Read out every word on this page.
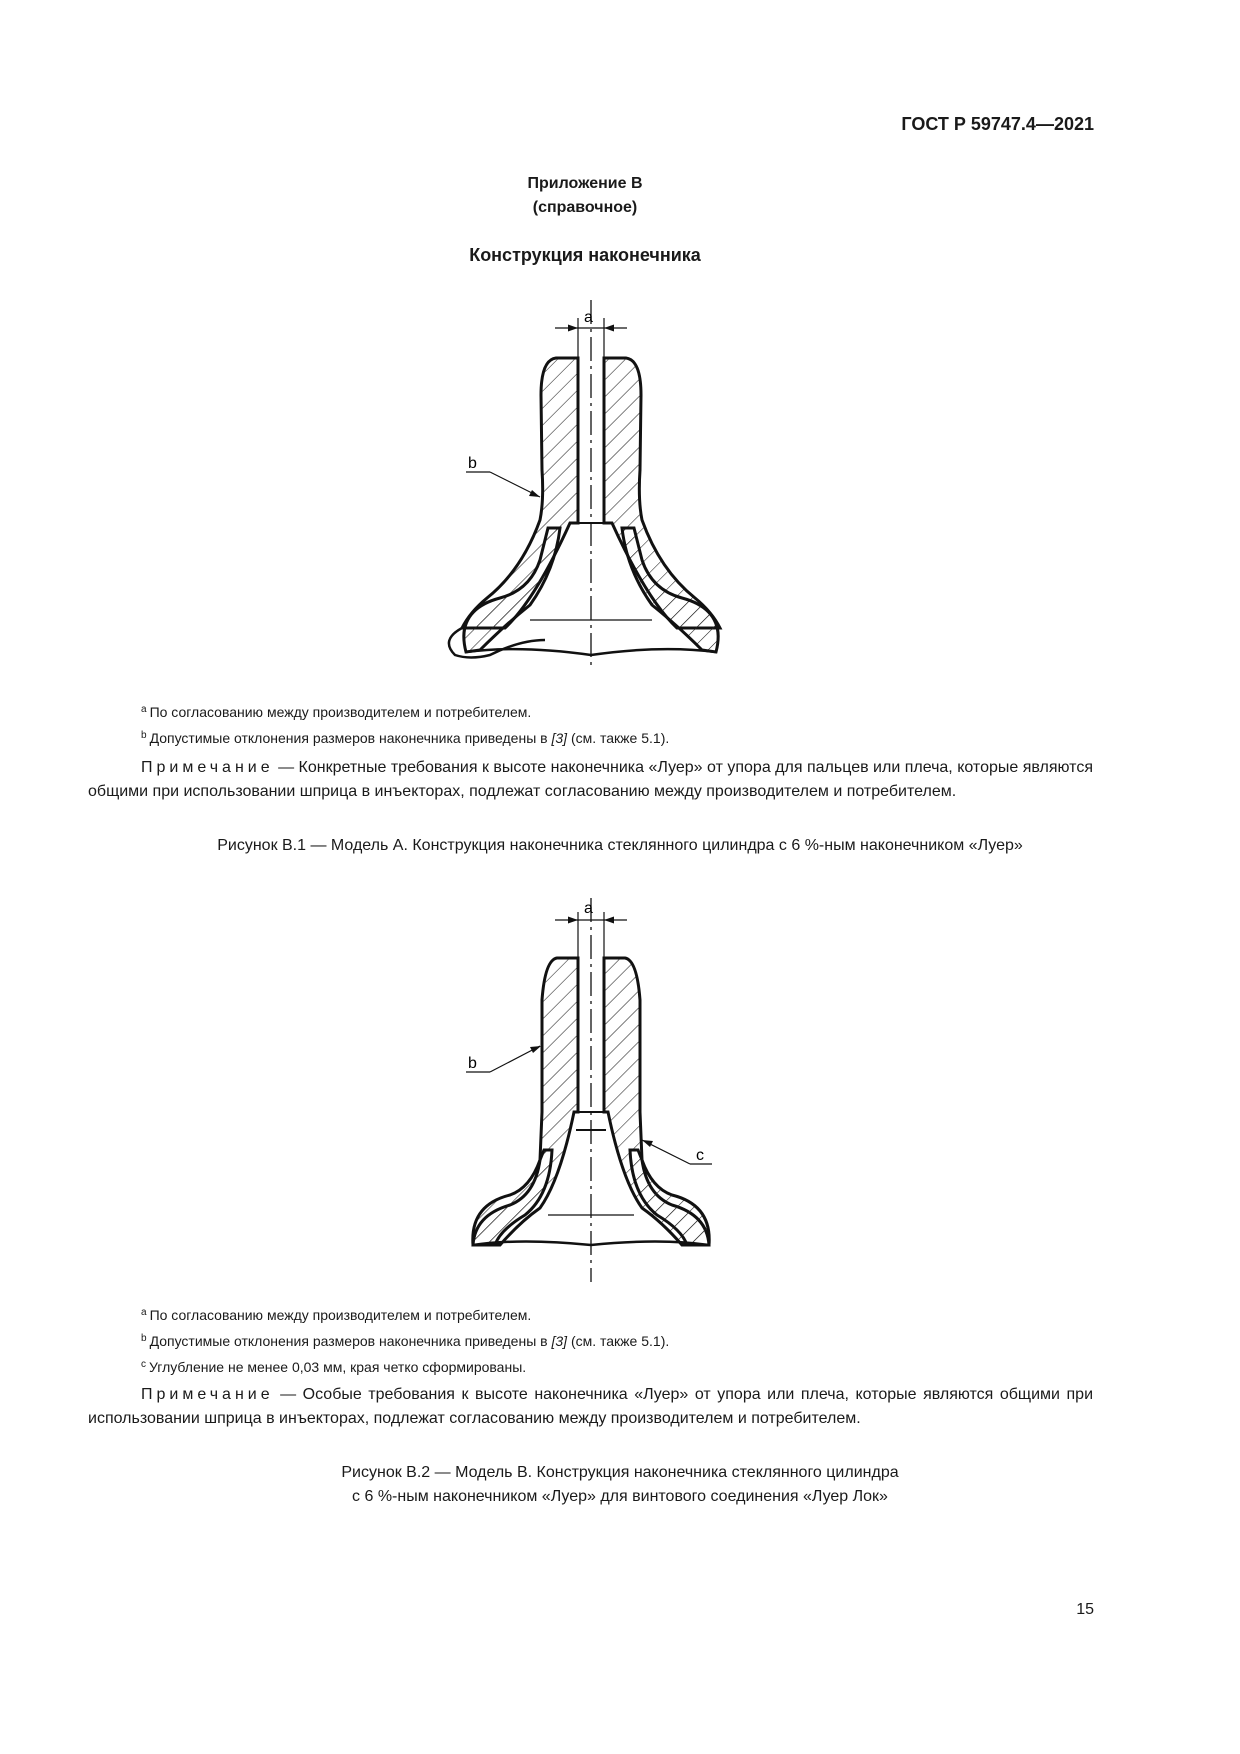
ГОСТ Р 59747.4—2021
Приложение В
(справочное)
Конструкция наконечника
a
b
$^a$ По согласованию между производителем и потребителем.
$^b$ Допустимые отклонения размеров наконечника приведены в [3] (см. также 5.1).
Примечание — Конкретные требования к высоте наконечника «Луер» от упора для пальцев или плеча, которые являются общими при использовании шприца в инъекторах, подлежат согласованию между производителем и потребителем.
Рисунок В.1 — Модель А. Конструкция наконечника стеклянного цилиндра с 6 %-ным наконечником «Луер»
a
b
c
$^a$ По согласованию между производителем и потребителем.
$^b$ Допустимые отклонения размеров наконечника приведены в [3] (см. также 5.1).
$^c$ Углубление не менее 0,03 мм, края четко сформированы.
Примечание — Особые требования к высоте наконечника «Луер» от упора или плеча, которые являются общими при использовании шприца в инъекторах, подлежат согласованию между производителем и потребителем.
Рисунок В.2 — Модель В. Конструкция наконечника стеклянного цилиндра
с 6 %-ным наконечником «Луер» для винтового соединения «Луер Лок»
15
